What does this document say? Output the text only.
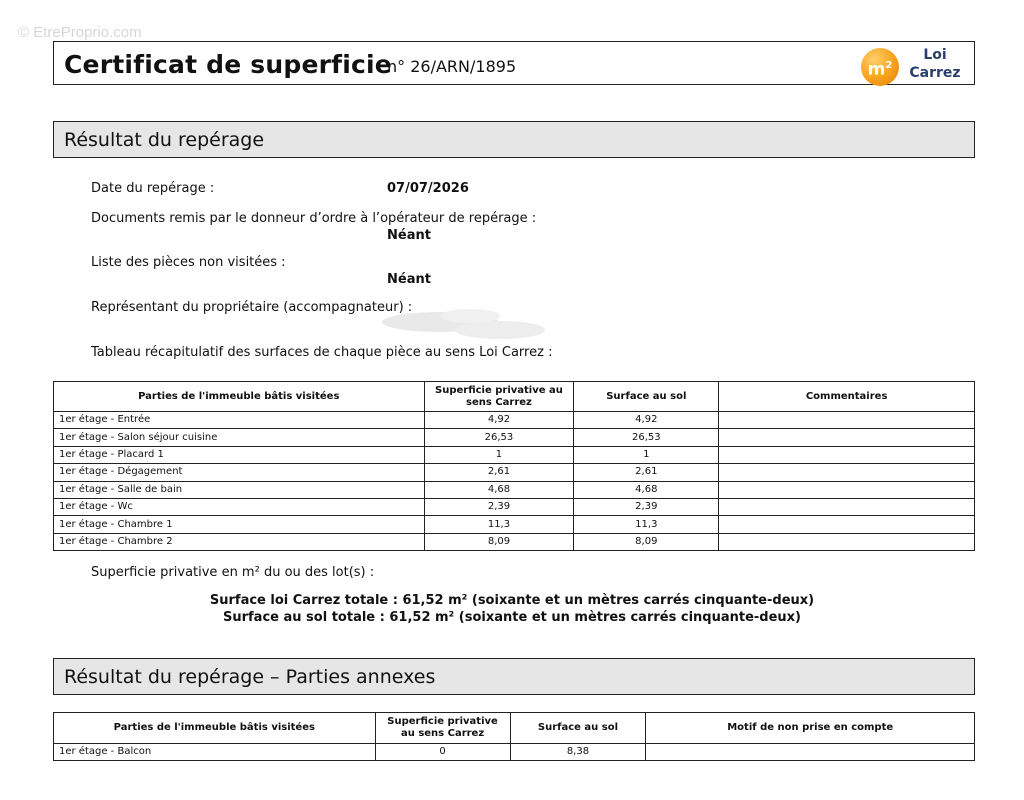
© EtreProprio.com
Certificat de superficie
n° 26/ARN/1895	$m^2$
Loi
Carrez
Résultat du repérage
Date du repérage :	07/07/2026
Documents remis par le donneur d’ordre à l’opérateur de repérage :
Néant
Liste des pièces non visitées :
Néant
Représentant du propriétaire (accompagnateur) :
Tableau récapitulatif des surfaces de chaque pièce au sens Loi Carrez :
Parties de l'immeuble bâtis visitées	Superficie privative au sens Carrez	Surface au sol	Commentaires
1er étage - Entrée	4,92	4,92	
1er étage - Salon séjour cuisine	26,53	26,53	
1er étage - Placard 1	1	1	
1er étage - Dégagement	2,61	2,61	
1er étage - Salle de bain	4,68	4,68	
1er étage - Wc	2,39	2,39	
1er étage - Chambre 1	11,3	11,3	
1er étage - Chambre 2	8,09	8,09	
Superficie privative en m² du ou des lot(s) :
Surface loi Carrez totale : 61,52 m² (soixante et un mètres carrés cinquante-deux)
Surface au sol totale : 61,52 m² (soixante et un mètres carrés cinquante-deux)
Résultat du repérage – Parties annexes
Parties de l'immeuble bâtis visitées	Superficie privative au sens Carrez	Surface au sol	Motif de non prise en compte
1er étage - Balcon	0	8,38	
